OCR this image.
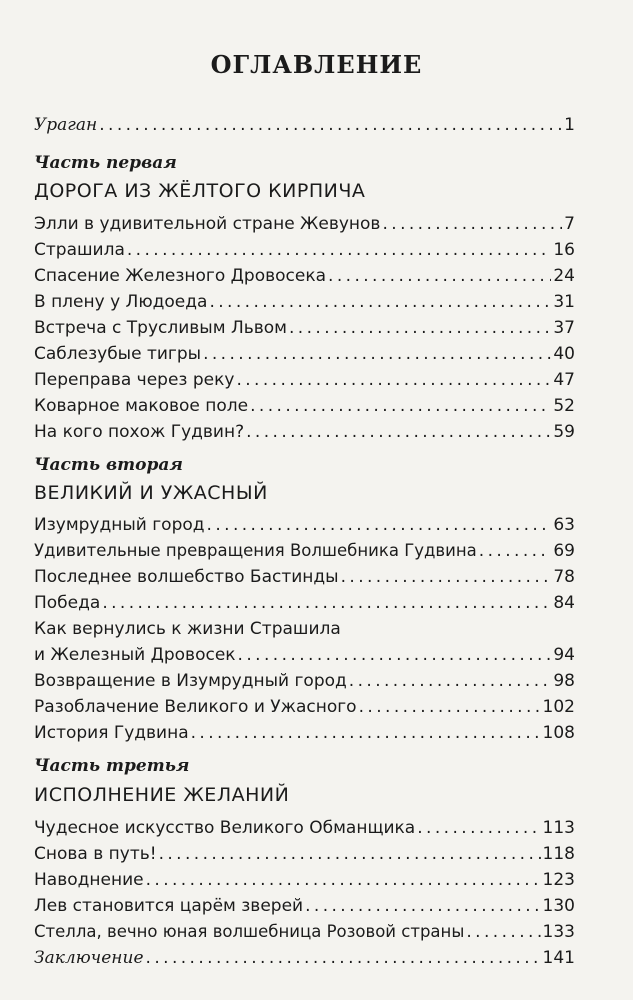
ОГЛАВЛЕНИЕ
Ураган . . .	1
Часть первая
ДОРОГА ИЗ ЖЁЛТОГО КИРПИЧА
Элли в удивительной стране Жевунов . . .	7
Страшила . . .	16
Спасение Железного Дровосека . . .	24
В плену у Людоеда . . .	31
Встреча с Трусливым Львом . . .	37
Саблезубые тигры . . .	40
Переправа через реку . . .	47
Коварное маковое поле . . .	52
На кого похож Гудвин? . . .	59
Часть вторая
ВЕЛИКИЙ И УЖАСНЫЙ
Изумрудный город . . .	63
Удивительные превращения Волшебника Гудвина . . .	69
Последнее волшебство Бастинды . . .	78
Победа . . .	84
Как вернулись к жизни Страшила
и Железный Дровосек . . .	94
Возвращение в Изумрудный город . . .	98
Разоблачение Великого и Ужасного . . .	102
История Гудвина . . .	108
Часть третья
ИСПОЛНЕНИЕ ЖЕЛАНИЙ
Чудесное искусство Великого Обманщика . . .	113
Снова в путь! . . .	118
Наводнение . . .	123
Лев становится царём зверей . . .	130
Стелла, вечно юная волшебница Розовой страны . . .	133
Заключение . . .	141
